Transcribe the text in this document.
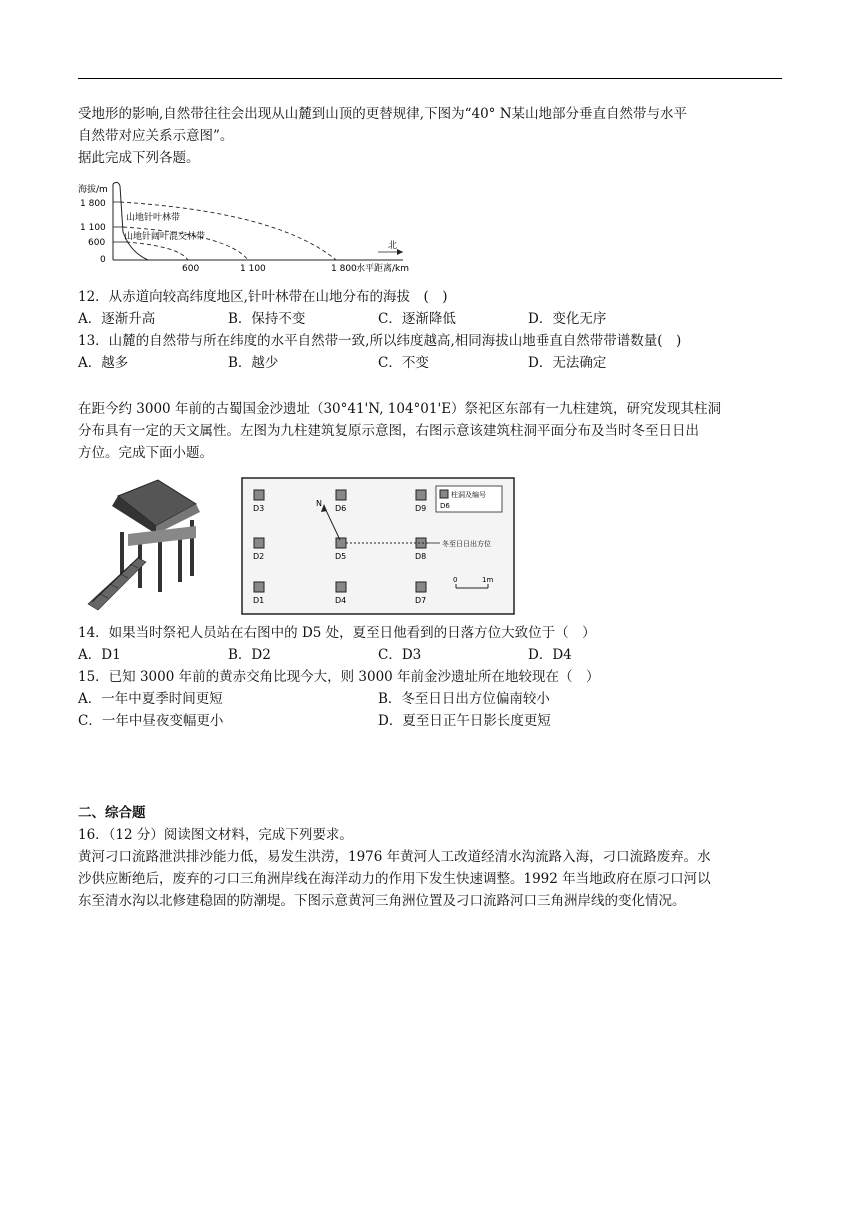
受地形的影响,自然带往往会出现从山麓到山顶的更替规律,下图为“40° N某山地部分垂直自然带与水平

自然带对应关系示意图”。

据此完成下列各题。

海拔/m
1 800
1 100
600
0
北
山地针叶林带
山地针阔叶混交林带
600	1 100	1 800 水平距离/km

12．从赤道向较高纬度地区,针叶林带在山地分布的海拔　(　)

A．逐渐升高	B．保持不变	C．逐渐降低	D．变化无序

13．山麓的自然带与所在纬度的水平自然带一致,所以纬度越高,相同海拔山地垂直自然带带谱数量(　)

A．越多	B．越少	C．不变	D．无法确定

在距今约 3000 年前的古蜀国金沙遗址（30°41'N, 104°01'E）祭祀区东部有一九柱建筑，研究发现其柱洞

分布具有一定的天文属性。左图为九柱建筑复原示意图，右图示意该建筑柱洞平面分布及当时冬至日日出

方位。完成下面小题。

D3	D6	D9
D2	D5	D8
D1	D4	D7
N
冬至日日出方位
柱洞及编号
D6
0	1m

14．如果当时祭祀人员站在右图中的 D5 处，夏至日他看到的日落方位大致位于（　）

A．D1	B．D2	C．D3	D．D4

15．已知 3000 年前的黄赤交角比现今大，则 3000 年前金沙遗址所在地较现在（　）

A．一年中夏季时间更短	B．冬至日日出方位偏南较小
C．一年中昼夜变幅更小	D．夏至日正午日影长度更短

二、综合题

16．（12 分）阅读图文材料，完成下列要求。

黄河刁口流路泄洪排沙能力低，易发生洪涝，1976 年黄河人工改道经清水沟流路入海，刁口流路废弃。水

沙供应断绝后，废弃的刁口三角洲岸线在海洋动力的作用下发生快速调整。1992 年当地政府在原刁口河以

东至清水沟以北修建稳固的防潮堤。下图示意黄河三角洲位置及刁口流路河口三角洲岸线的变化情况。
